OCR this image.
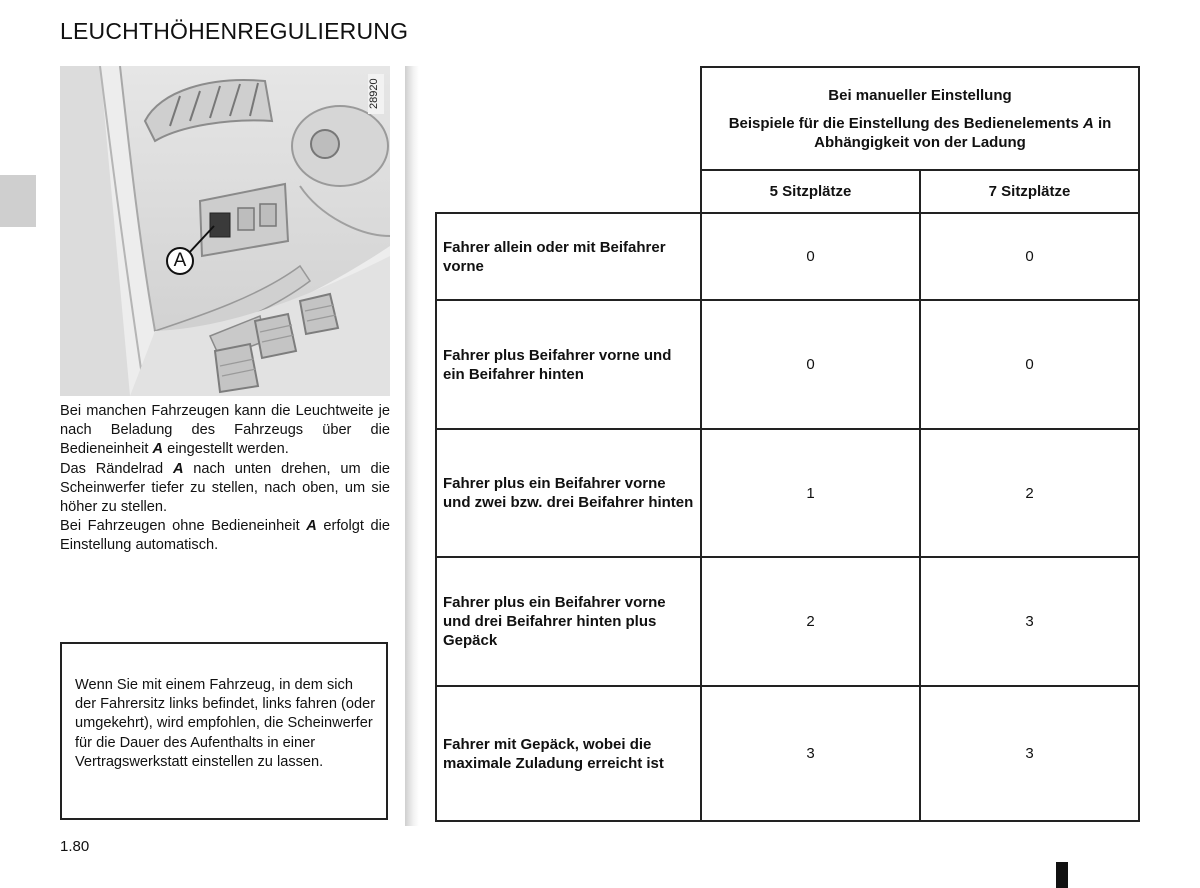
LEUCHTHÖHENREGULIERUNG
28920
A

Bei manchen Fahrzeugen kann die Leuchtweite je nach Beladung des Fahrzeugs über die Bedieneinheit A eingestellt werden.

Das Rändelrad A nach unten drehen, um die Scheinwerfer tiefer zu stellen, nach oben, um sie höher zu stellen.

Bei Fahrzeugen ohne Bedieneinheit A erfolgt die Einstellung automatisch.

Wenn Sie mit einem Fahrzeug, in dem sich der Fahrersitz links befindet, links fahren (oder umgekehrt), wird empfohlen, die Scheinwerfer für die Dauer des Aufenthalts in einer Vertragswerkstatt einstellen zu lassen.

	Bei manueller Einstellung
Beispiele für die Einstellung des Bedienelements A in Abhängigkeit von der Ladung	
	5 Sitzplätze	7 Sitzplätze
Fahrer allein oder mit Beifahrer vorne	0	0
Fahrer plus Beifahrer vorne und ein Beifahrer hinten	0	0
Fahrer plus ein Beifahrer vorne und zwei bzw. drei Beifahrer hinten	1	2
Fahrer plus ein Beifahrer vorne und drei Beifahrer hinten plus Gepäck	2	3
Fahrer mit Gepäck, wobei die maximale Zuladung erreicht ist	3	3
1.80
